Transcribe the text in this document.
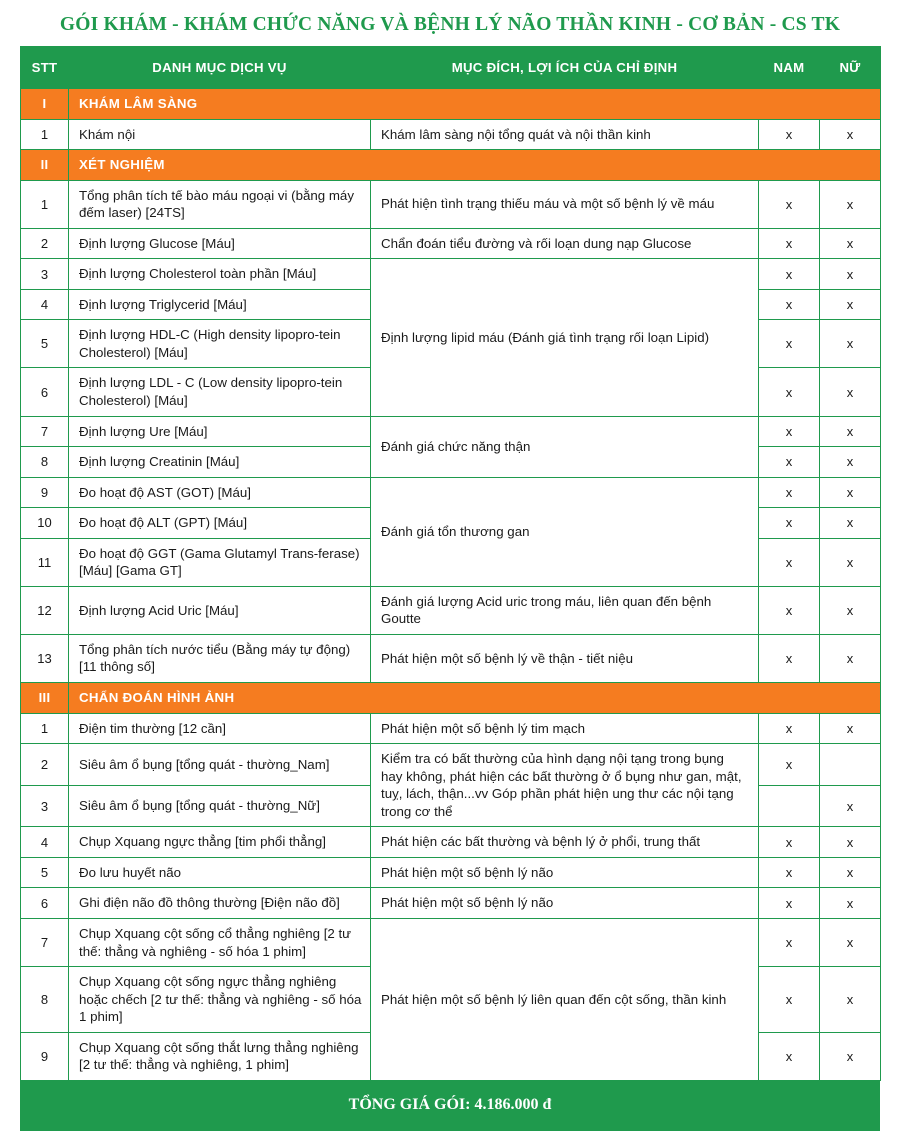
GÓI KHÁM - KHÁM CHỨC NĂNG VÀ BỆNH LÝ NÃO THẦN KINH - CƠ BẢN - CS TK
STT	DANH MỤC DỊCH VỤ	MỤC ĐÍCH, LỢI ÍCH CỦA CHỈ ĐỊNH	NAM	NỮ
I	KHÁM LÂM SÀNG			
1	Khám nội	Khám lâm sàng nội tổng quát và nội thần kinh	x	x
II	XÉT NGHIỆM			
1	Tổng phân tích tế bào máu ngoại vi (bằng máy đếm laser) [24TS]	Phát hiện tình trạng thiếu máu và một số bệnh lý về máu	x	x
2	Định lượng Glucose [Máu]	Chẩn đoán tiểu đường và rối loạn dung nạp Glucose	x	x
3	Định lượng Cholesterol toàn phần [Máu]	Định lượng lipid máu (Đánh giá tình trạng rối loạn Lipid)	x	x
4	Định lượng Triglycerid [Máu]		x	x
5	Định lượng HDL-C (High density lipopro-tein Cholesterol) [Máu]		x	x
6	Định lượng LDL - C (Low density lipopro-tein Cholesterol) [Máu]		x	x
7	Định lượng Ure [Máu]	Đánh giá chức năng thận	x	x
8	Định lượng Creatinin [Máu]		x	x
9	Đo hoạt độ AST (GOT) [Máu]	Đánh giá tổn thương gan	x	x
10	Đo hoạt độ ALT (GPT) [Máu]		x	x
11	Đo hoạt độ GGT (Gama Glutamyl Trans-ferase) [Máu] [Gama GT]		x	x
12	Định lượng Acid Uric [Máu]	Đánh giá lượng Acid uric trong máu, liên quan đến bệnh Goutte	x	x
13	Tổng phân tích nước tiểu (Bằng máy tự động) [11 thông số]	Phát hiện một số bệnh lý về thận - tiết niệu	x	x
III	CHẨN ĐOÁN HÌNH ẢNH			
1	Điện tim thường [12 cần]	Phát hiện một số bệnh lý tim mạch	x	x
2	Siêu âm ổ bụng [tổng quát - thường_Nam]	Kiểm tra có bất thường của hình dạng nội tạng trong bụng hay không, phát hiện các bất thường ở ổ bụng như gan, mật, tuỵ, lách, thận...vv Góp phần phát hiện ung thư các nội tạng trong cơ thể	x	
3	Siêu âm ổ bụng [tổng quát - thường_Nữ]			x
4	Chụp Xquang ngực thẳng [tim phổi thẳng]	Phát hiện các bất thường và bệnh lý ở phổi, trung thất	x	x
5	Đo lưu huyết não	Phát hiện một số bệnh lý não	x	x
6	Ghi điện não đồ thông thường [Điện não đồ]	Phát hiện một số bệnh lý não	x	x
7	Chụp Xquang cột sống cổ thẳng nghiêng [2 tư thế: thẳng và nghiêng - số hóa 1 phim]	Phát hiện một số bệnh lý liên quan đến cột sống, thần kinh	x	x
8	Chụp Xquang cột sống ngực thẳng nghiêng hoặc chếch [2 tư thế: thẳng và nghiêng - số hóa 1 phim]		x	x
9	Chụp Xquang cột sống thắt lưng thẳng nghiêng [2 tư thế: thẳng và nghiêng, 1 phim]		x	x
TỔNG GIÁ GÓI: 4.186.000 đ
